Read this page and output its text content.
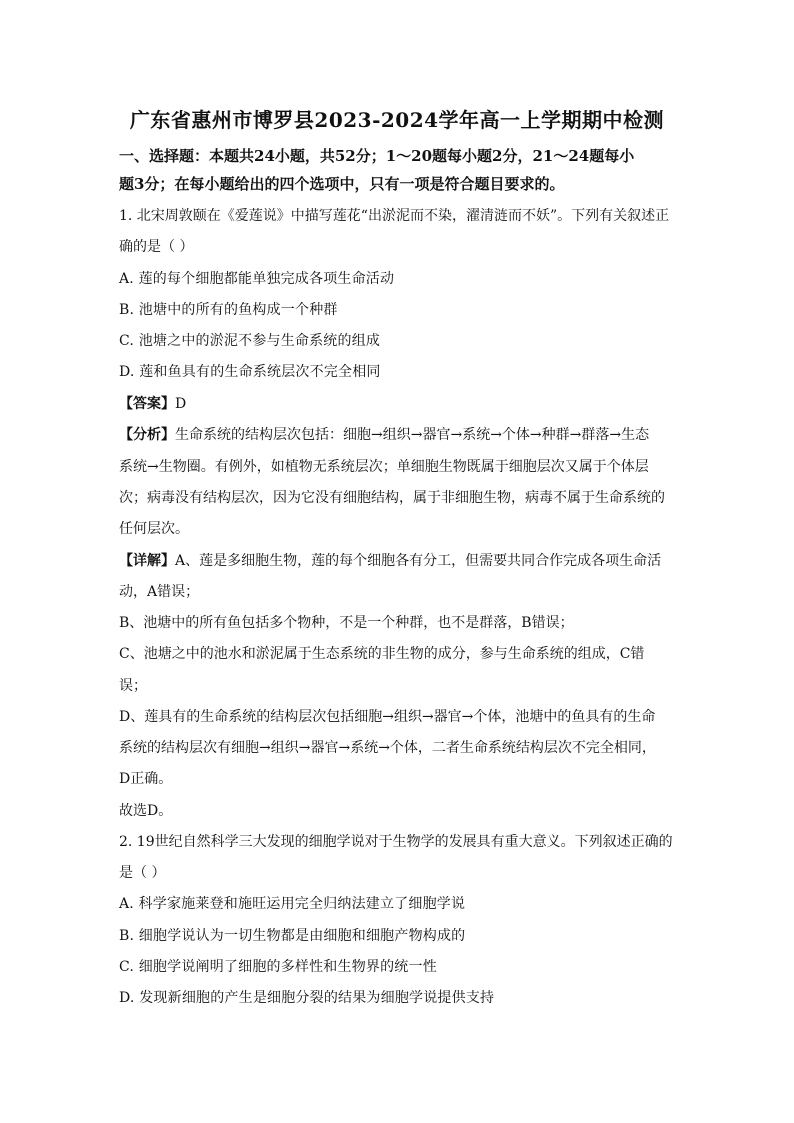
广东省惠州市博罗县2023-2024学年高一上学期期中检测
一、选择题：本题共24小题，共52分；1～20题每小题2分，21～24题每小
题3分；在每小题给出的四个选项中，只有一项是符合题目要求的。
1. 北宋周敦颐在《爱莲说》中描写莲花“出淤泥而不染，濯清涟而不妖”。下列有关叙述正
确的是（ ）
A. 莲的每个细胞都能单独完成各项生命活动
B. 池塘中的所有的鱼构成一个种群
C. 池塘之中的淤泥不参与生命系统的组成
D. 莲和鱼具有的生命系统层次不完全相同
【答案】D
【分析】生命系统的结构层次包括：细胞→组织→器官→系统→个体→种群→群落→生态
系统→生物圈。有例外，如植物无系统层次；单细胞生物既属于细胞层次又属于个体层
次；病毒没有结构层次，因为它没有细胞结构，属于非细胞生物，病毒不属于生命系统的
任何层次。
【详解】A、莲是多细胞生物，莲的每个细胞各有分工，但需要共同合作完成各项生命活
动，A错误；
B、池塘中的所有鱼包括多个物种，不是一个种群，也不是群落，B错误；
C、池塘之中的池水和淤泥属于生态系统的非生物的成分，参与生命系统的组成，C错
误；
D、莲具有的生命系统的结构层次包括细胞→组织→器官→个体，池塘中的鱼具有的生命
系统的结构层次有细胞→组织→器官→系统→个体，二者生命系统结构层次不完全相同，
D正确。
故选D。
2. 19世纪自然科学三大发现的细胞学说对于生物学的发展具有重大意义。下列叙述正确的
是（ ）
A. 科学家施莱登和施旺运用完全归纳法建立了细胞学说
B. 细胞学说认为一切生物都是由细胞和细胞产物构成的
C. 细胞学说阐明了细胞的多样性和生物界的统一性
D. 发现新细胞的产生是细胞分裂的结果为细胞学说提供支持
